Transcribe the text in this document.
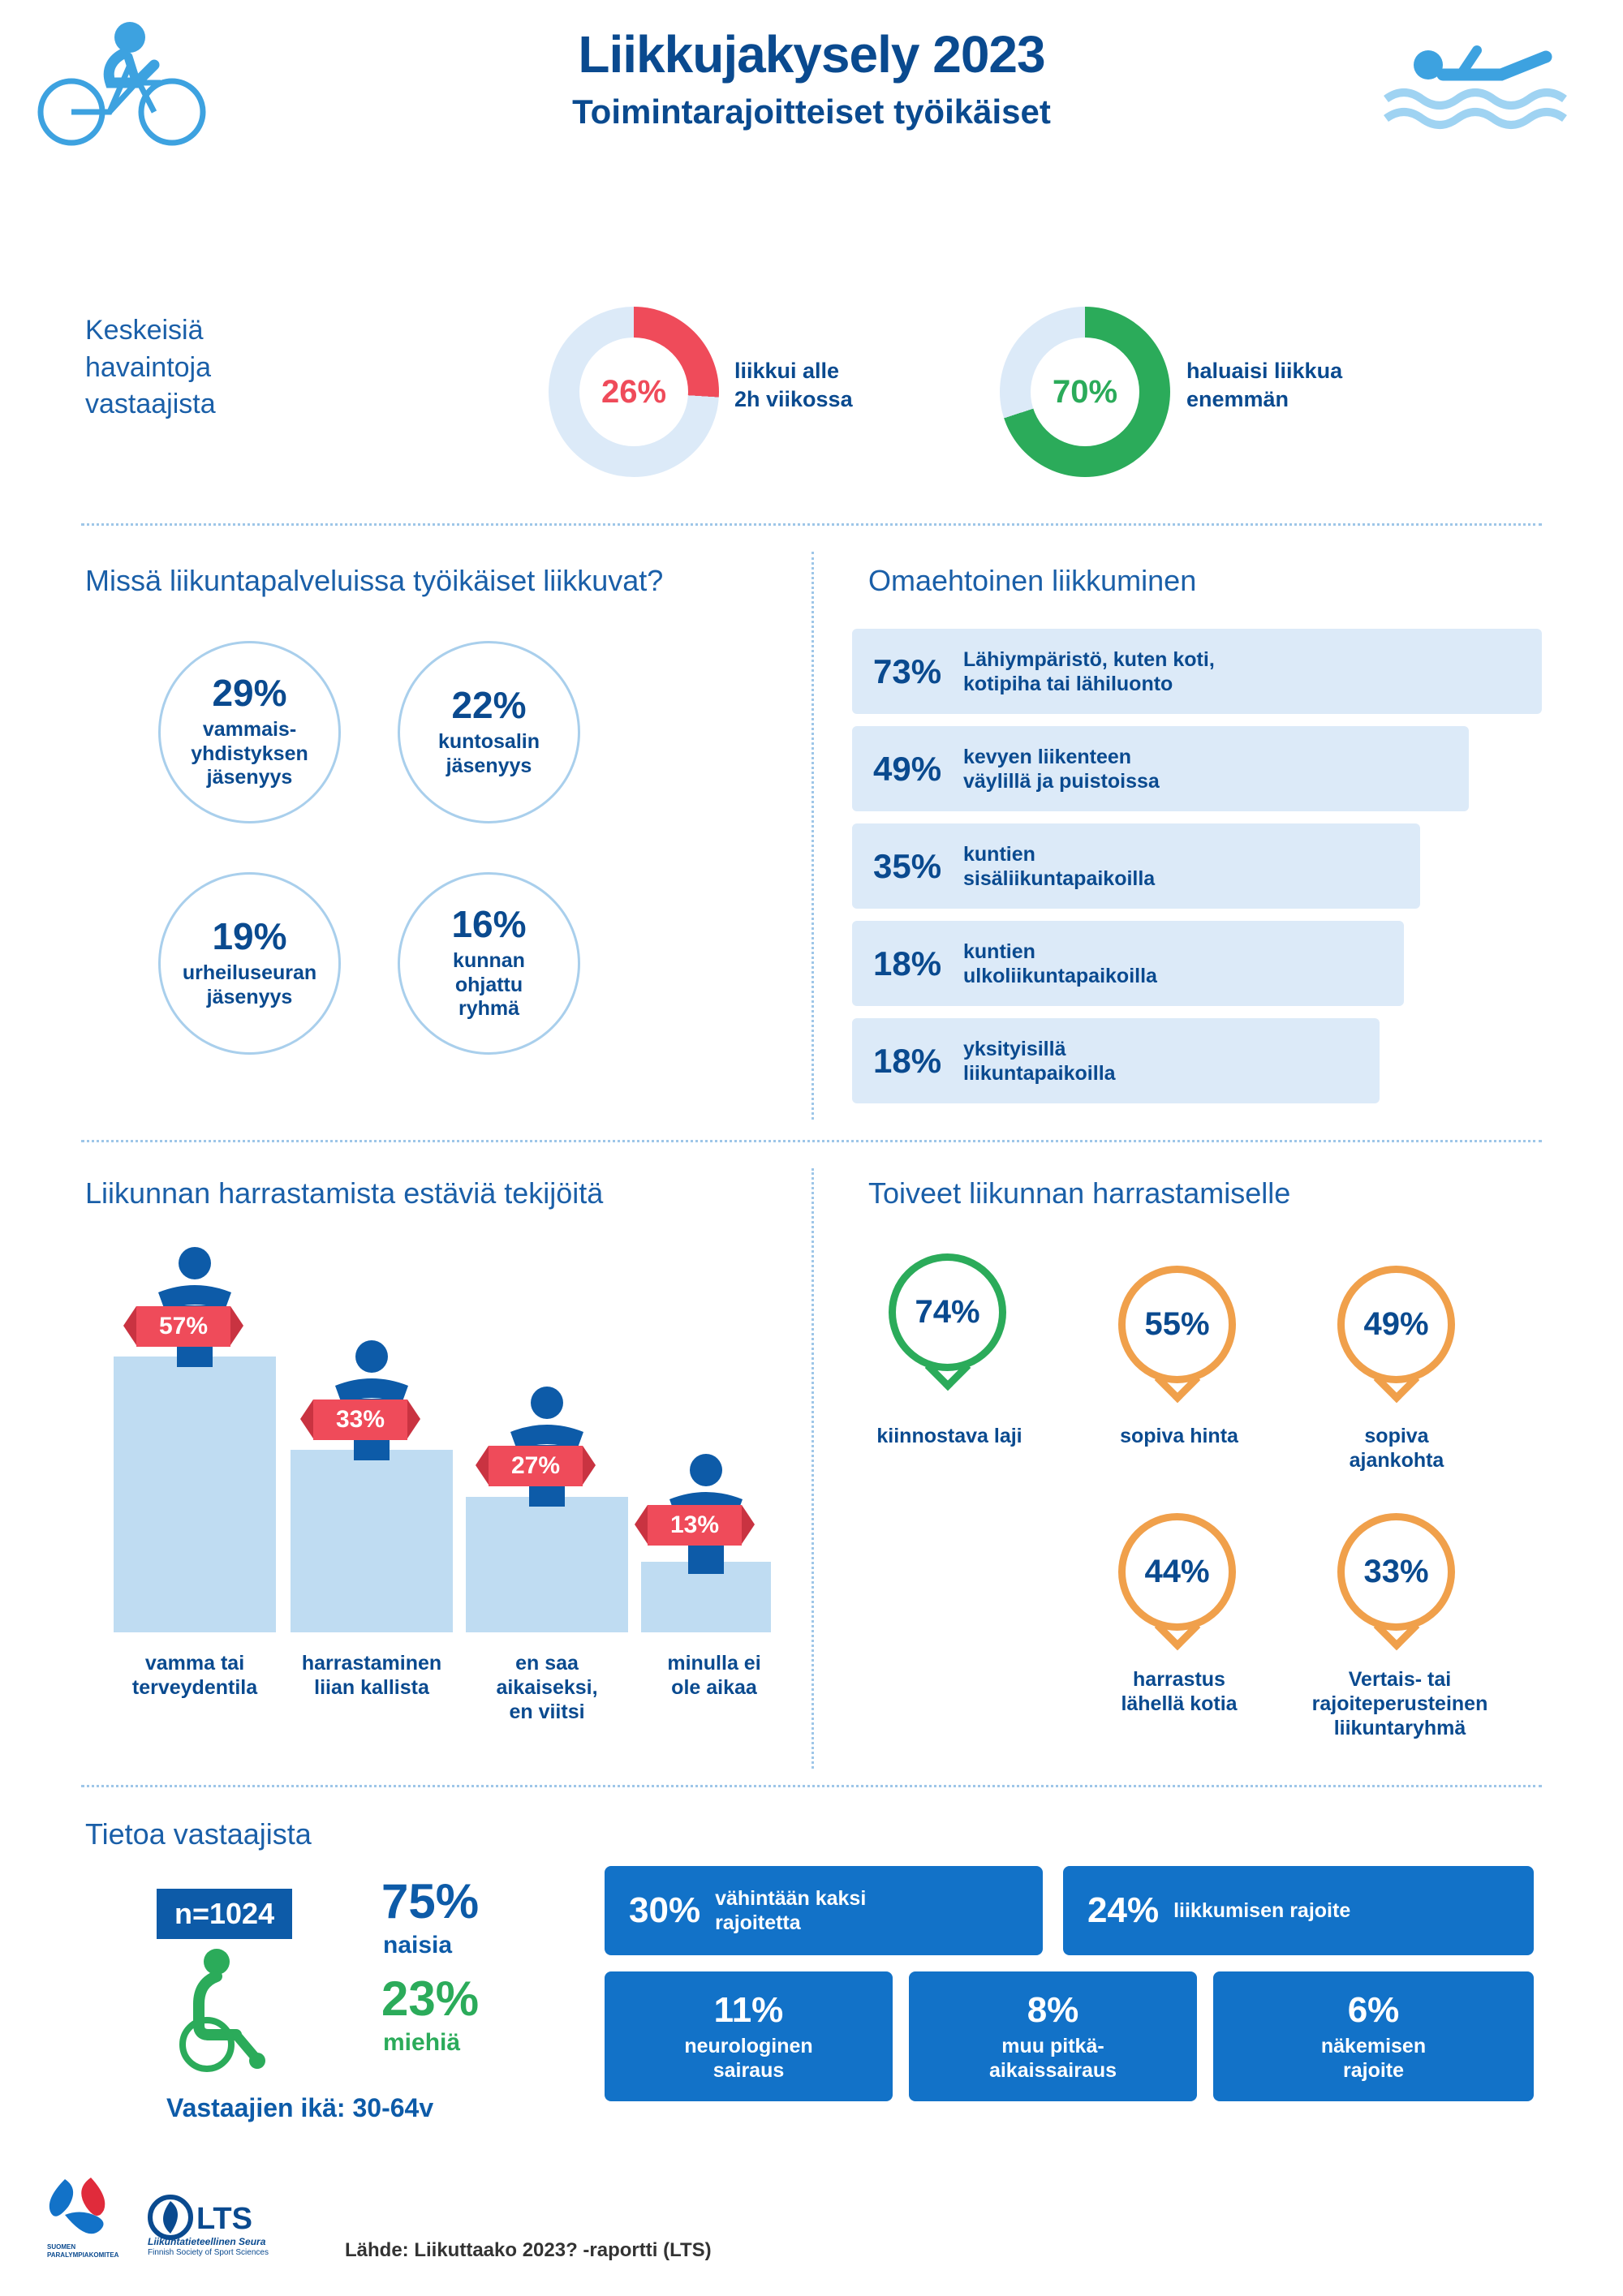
Liikkujakysely 2023
Toimintarajoitteiset työikäiset
Keskeisiä
havaintoja
vastaajista	26%
liikkui alle
2h viikossa	70%
haluaisi liikkua
enemmän
Missä liikuntapalveluissa työikäiset liikkuvat?
29%
vammais-
yhdistyksen
jäsenyys
22%
kuntosalin
jäsenyys
19%
urheiluseuran
jäsenyys
16%
kunnan
ohjattu
ryhmä
Omaehtoinen liikkuminen
73%	Lähiympäristö, kuten koti,
kotipiha tai lähiluonto
49%	kevyen liikenteen
väylillä ja puistoissa
35%	kuntien
sisäliikuntapaikoilla
18%	kuntien
ulkoliikuntapaikoilla
18%	yksityisillä
liikuntapaikoilla
Liikunnan harrastamista estäviä tekijöitä
57%
33%
27%
13%
vamma tai
terveydentila
harrastaminen
liian kallista
en saa
aikaiseksi,
en viitsi
minulla ei
ole aikaa
Toiveet liikunnan harrastamiselle
74%
kiinnostava laji
55%
sopiva hinta
49%
sopiva
ajankohta
44%
harrastus
lähellä kotia
33%
Vertais- tai
rajoiteperusteinen
liikuntaryhmä
Tietoa vastaajista
n=1024	75%
naisia
23%
miehiä
Vastaajien ikä: 30-64v
30% vähintään kaksi
rajoitetta	24% liikkumisen rajoite
11%
neurologinen
sairaus
8%
muu pitkä-
aikaissairaus
6%
näkemisen
rajoite
SUOMEN
PARALYMPIAKOMITEA
LTS
Liikuntatieteellinen Seura
Finnish Society of Sport Sciences	Lähde: Liikuttaako 2023? -raportti (LTS)
